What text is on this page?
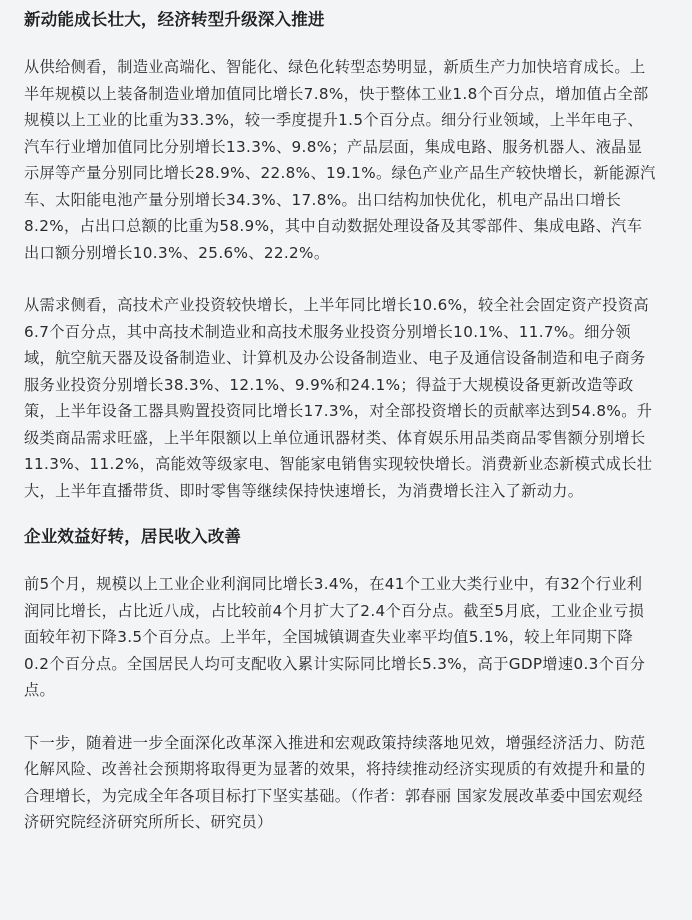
新动能成长壮大，经济转型升级深入推进

从供给侧看，制造业高端化、智能化、绿色化转型态势明显，新质生产力加快培育成长。上半年规模以上装备制造业增加值同比增长7.8%，快于整体工业1.8个百分点，增加值占全部规模以上工业的比重为33.3%，较一季度提升1.5个百分点。细分行业领域，上半年电子、汽车行业增加值同比分别增长13.3%、9.8%；产品层面，集成电路、服务机器人、液晶显示屏等产量分别同比增长28.9%、22.8%、19.1%。绿色产业产品生产较快增长，新能源汽车、太阳能电池产量分别增长34.3%、17.8%。出口结构加快优化，机电产品出口增长8.2%，占出口总额的比重为58.9%，其中自动数据处理设备及其零部件、集成电路、汽车出口额分别增长10.3%、25.6%、22.2%。

从需求侧看，高技术产业投资较快增长，上半年同比增长10.6%，较全社会固定资产投资高6.7个百分点，其中高技术制造业和高技术服务业投资分别增长10.1%、11.7%。细分领域，航空航天器及设备制造业、计算机及办公设备制造业、电子及通信设备制造和电子商务服务业投资分别增长38.3%、12.1%、9.9%和24.1%；得益于大规模设备更新改造等政策，上半年设备工器具购置投资同比增长17.3%，对全部投资增长的贡献率达到54.8%。升级类商品需求旺盛，上半年限额以上单位通讯器材类、体育娱乐用品类商品零售额分别增长11.3%、11.2%，高能效等级家电、智能家电销售实现较快增长。消费新业态新模式成长壮大，上半年直播带货、即时零售等继续保持快速增长，为消费增长注入了新动力。

企业效益好转，居民收入改善

前5个月，规模以上工业企业利润同比增长3.4%，在41个工业大类行业中，有32个行业利润同比增长，占比近八成，占比较前4个月扩大了2.4个百分点。截至5月底，工业企业亏损面较年初下降3.5个百分点。上半年，全国城镇调查失业率平均值5.1%，较上年同期下降0.2个百分点。全国居民人均可支配收入累计实际同比增长5.3%，高于GDP增速0.3个百分点。

下一步，随着进一步全面深化改革深入推进和宏观政策持续落地见效，增强经济活力、防范化解风险、改善社会预期将取得更为显著的效果，将持续推动经济实现质的有效提升和量的合理增长，为完成全年各项目标打下坚实基础。（作者：郭春丽 国家发展改革委中国宏观经济研究院经济研究所所长、研究员）
